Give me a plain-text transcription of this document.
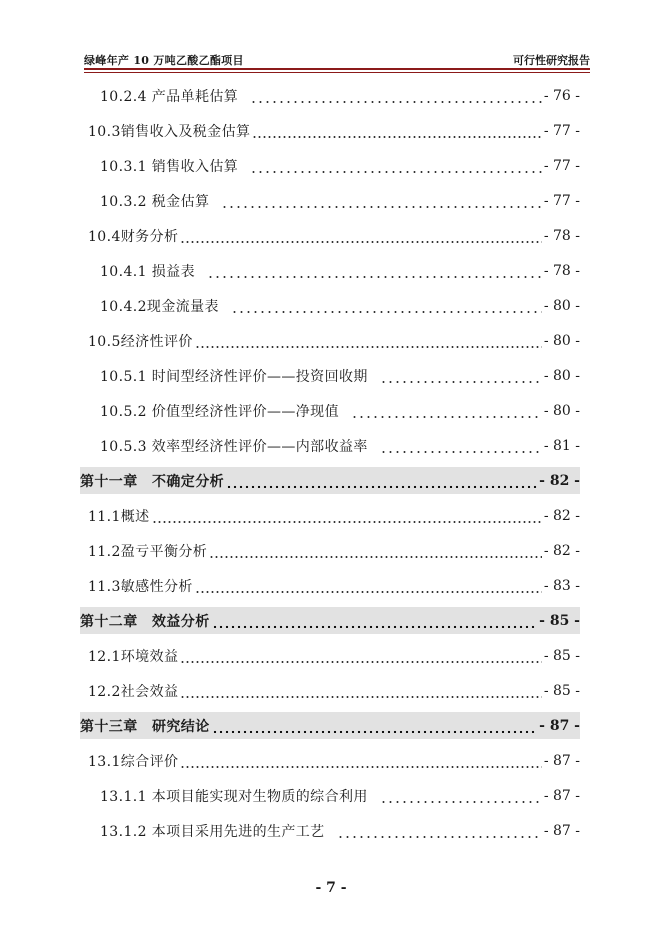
绿峰年产 10 万吨乙酸乙酯项目	可行性研究报告
10.2.4 产品单耗估算	- 76 -
10.3销售收入及税金估算	- 77 -
10.3.1 销售收入估算	- 77 -
10.3.2 税金估算	- 77 -
10.4财务分析	- 78 -
10.4.1 损益表	- 78 -
10.4.2现金流量表	- 80 -
10.5经济性评价	- 80 -
10.5.1 时间型经济性评价——投资回收期	- 80 -
10.5.2 价值型经济性评价——净现值	- 80 -
10.5.3 效率型经济性评价——内部收益率	- 81 -
第十一章　不确定分析	- 82 -
11.1概述	- 82 -
11.2盈亏平衡分析	- 82 -
11.3敏感性分析	- 83 -
第十二章　效益分析	- 85 -
12.1环境效益	- 85 -
12.2社会效益	- 85 -
第十三章　研究结论	- 87 -
13.1综合评价	- 87 -
13.1.1 本项目能实现对生物质的综合利用	- 87 -
13.1.2 本项目采用先进的生产工艺	- 87 -
- 7 -
